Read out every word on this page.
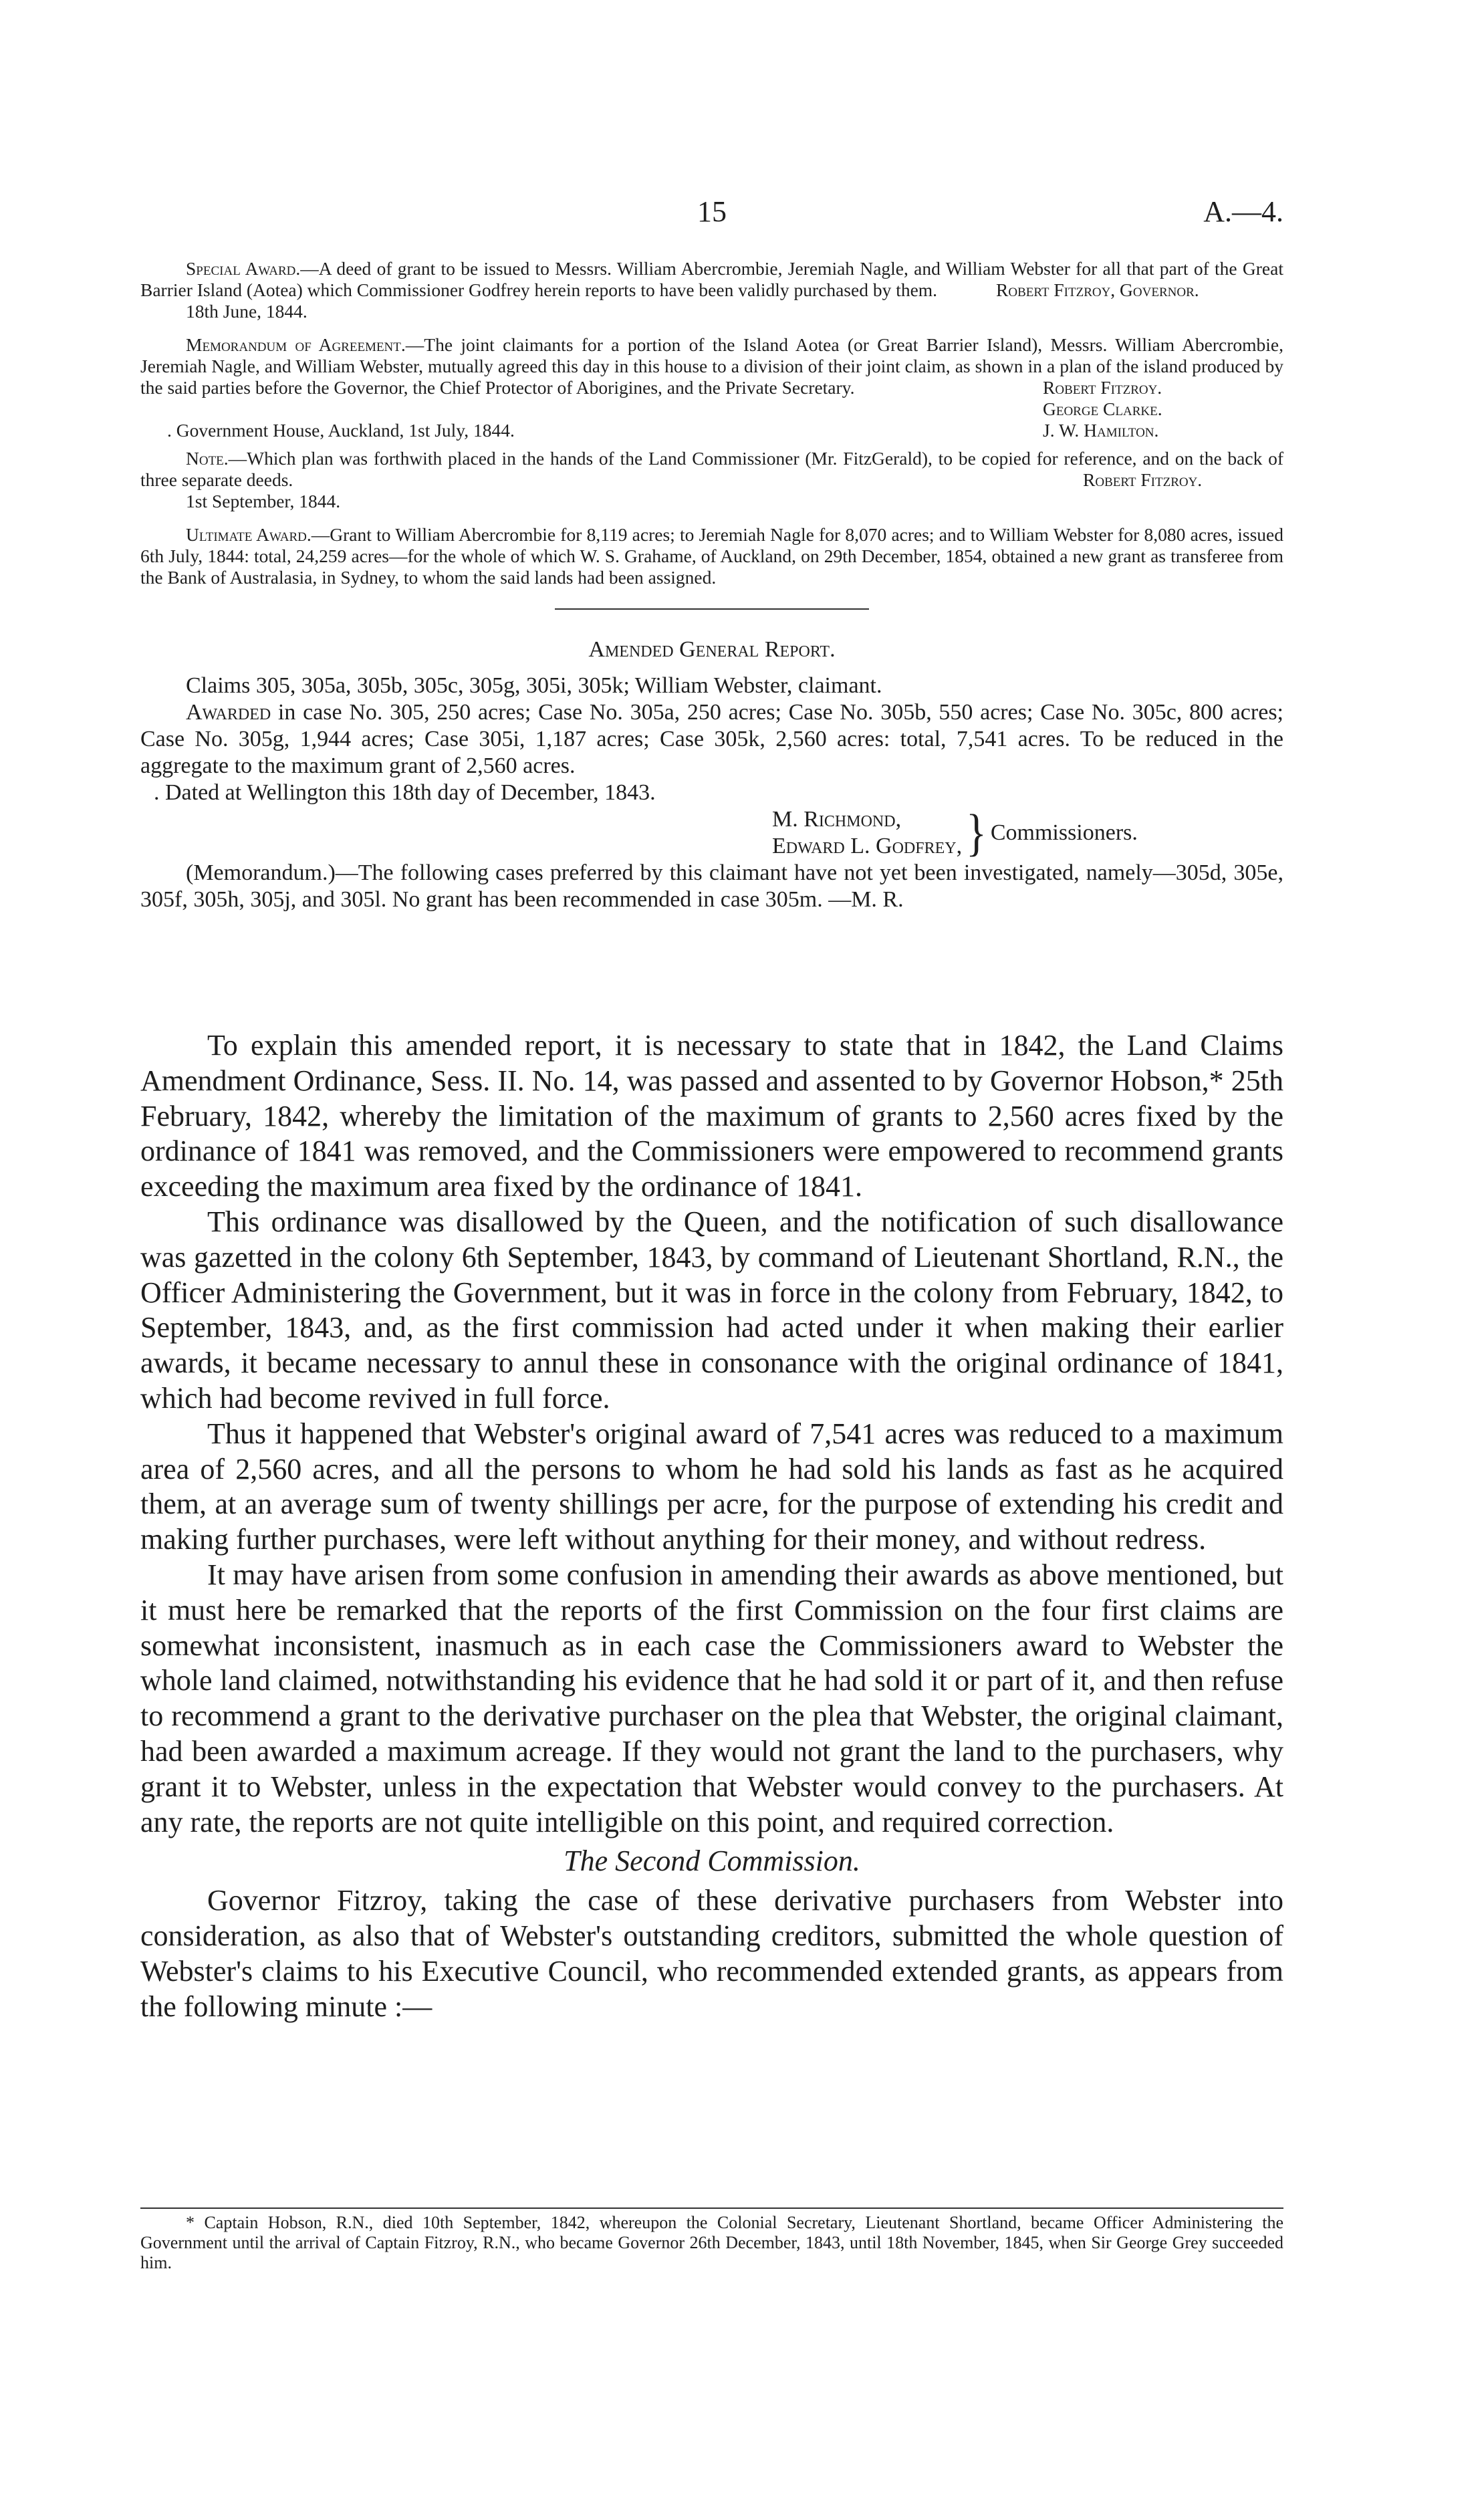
15	A.—4.

Special Award.—A deed of grant to be issued to Messrs. William Abercrombie, Jeremiah Nagle, and William Webster for all that part of the Great Barrier Island (Aotea) which Commissioner Godfrey herein reports to have been validly purchased by them.	Robert Fitzroy, Governor.

18th June, 1844.

Memorandum of Agreement.—The joint claimants for a portion of the Island Aotea (or Great Barrier Island), Messrs. William Abercrombie, Jeremiah Nagle, and William Webster, mutually agreed this day in this house to a division of their joint claim, as shown in a plan of the island produced by the said parties before the Governor, the Chief Protector of Aborigines, and the Private Secretary.	Robert Fitzroy.

George Clarke.

. Government House, Auckland, 1st July, 1844.	J. W. Hamilton.

Note.—Which plan was forthwith placed in the hands of the Land Commissioner (Mr. FitzGerald), to be copied for reference, and on the back of three separate deeds.	Robert Fitzroy.

1st September, 1844.

Ultimate Award.—Grant to William Abercrombie for 8,119 acres; to Jeremiah Nagle for 8,070 acres; and to William Webster for 8,080 acres, issued 6th July, 1844: total, 24,259 acres—for the whole of which W. S. Grahame, of Auckland, on 29th December, 1854, obtained a new grant as transferee from the Bank of Australasia, in Sydney, to whom the said lands had been assigned.

Amended General Report.

Claims 305, 305a, 305b, 305c, 305g, 305i, 305k; William Webster, claimant.

Awarded in case No. 305, 250 acres; Case No. 305a, 250 acres; Case No. 305b, 550 acres; Case No. 305c, 800 acres; Case No. 305g, 1,944 acres; Case 305i, 1,187 acres; Case 305k, 2,560 acres: total, 7,541 acres. To be reduced in the aggregate to the maximum grant of 2,560 acres.

. Dated at Wellington this 18th day of December, 1843.

M. Richmond,
Edward L. Godfrey, } Commissioners.

(Memorandum.)—The following cases preferred by this claimant have not yet been investigated, namely—305d, 305e, 305f, 305h, 305j, and 305l. No grant has been recommended in case 305m. —M. R.

To explain this amended report, it is necessary to state that in 1842, the Land Claims Amendment Ordinance, Sess. II. No. 14, was passed and assented to by Governor Hobson,* 25th February, 1842, whereby the limitation of the maximum of grants to 2,560 acres fixed by the ordinance of 1841 was removed, and the Commissioners were empowered to recommend grants exceeding the maximum area fixed by the ordinance of 1841.

This ordinance was disallowed by the Queen, and the notification of such disallowance was gazetted in the colony 6th September, 1843, by command of Lieutenant Shortland, R.N., the Officer Administering the Government, but it was in force in the colony from February, 1842, to September, 1843, and, as the first commission had acted under it when making their earlier awards, it became necessary to annul these in consonance with the original ordinance of 1841, which had become revived in full force.

Thus it happened that Webster's original award of 7,541 acres was reduced to a maximum area of 2,560 acres, and all the persons to whom he had sold his lands as fast as he acquired them, at an average sum of twenty shillings per acre, for the purpose of extending his credit and making further purchases, were left without anything for their money, and without redress.

It may have arisen from some confusion in amending their awards as above mentioned, but it must here be remarked that the reports of the first Commission on the four first claims are somewhat inconsistent, inasmuch as in each case the Commissioners award to Webster the whole land claimed, notwithstanding his evidence that he had sold it or part of it, and then refuse to recommend a grant to the derivative purchaser on the plea that Webster, the original claimant, had been awarded a maximum acreage. If they would not grant the land to the purchasers, why grant it to Webster, unless in the expectation that Webster would convey to the purchasers. At any rate, the reports are not quite intelligible on this point, and required correction.

The Second Commission.

Governor Fitzroy, taking the case of these derivative purchasers from Webster into consideration, as also that of Webster's outstanding creditors, submitted the whole question of Webster's claims to his Executive Council, who recommended extended grants, as appears from the following minute :—

* Captain Hobson, R.N., died 10th September, 1842, whereupon the Colonial Secretary, Lieutenant Shortland, became Officer Administering the Government until the arrival of Captain Fitzroy, R.N., who became Governor 26th December, 1843, until 18th November, 1845, when Sir George Grey succeeded him.
